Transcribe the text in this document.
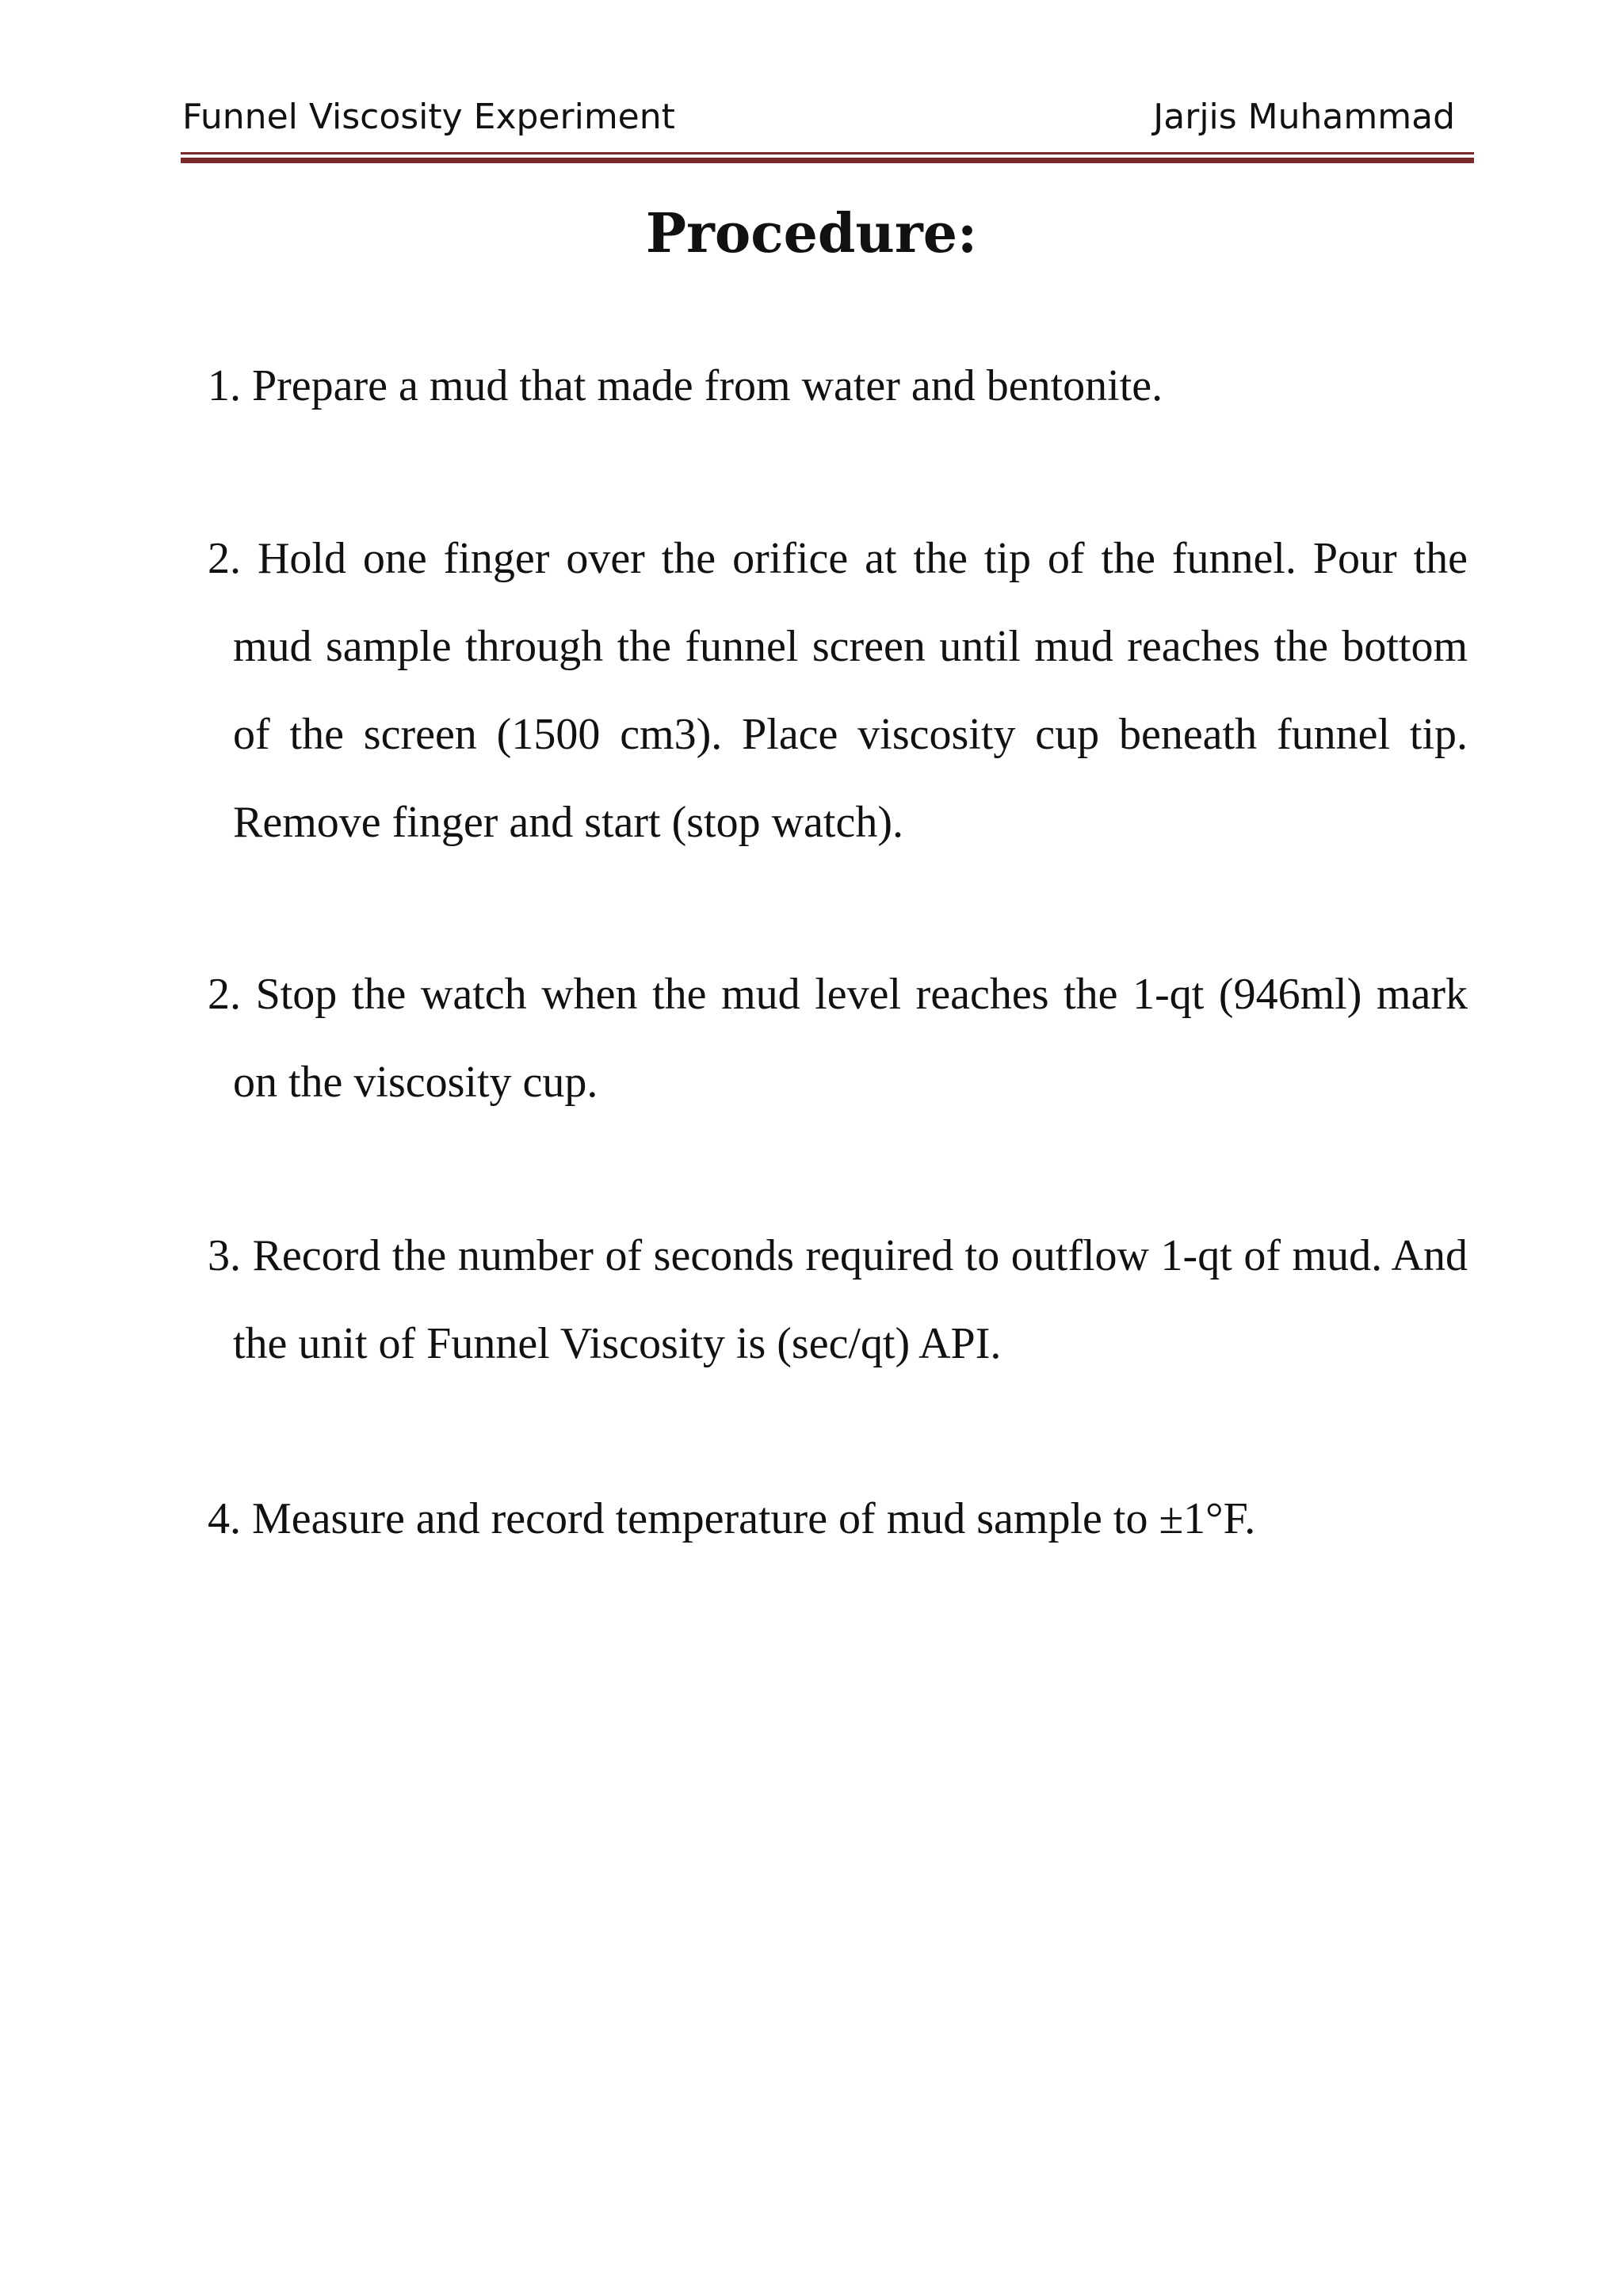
Funnel Viscosity Experiment	Jarjis Muhammad
Procedure:
1. Prepare a mud that made from water and bentonite.
2. Hold one finger over the orifice at the tip of the funnel. Pour the mud sample through the funnel screen until mud reaches the bottom of the screen (1500 cm3). Place viscosity cup beneath funnel tip. Remove finger and start (stop watch).
2. Stop the watch when the mud level reaches the 1-qt (946ml) mark on the viscosity cup.
3. Record the number of seconds required to outflow 1-qt of mud. And the unit of Funnel Viscosity is (sec/qt) API.
4. Measure and record temperature of mud sample to ±1°F.
